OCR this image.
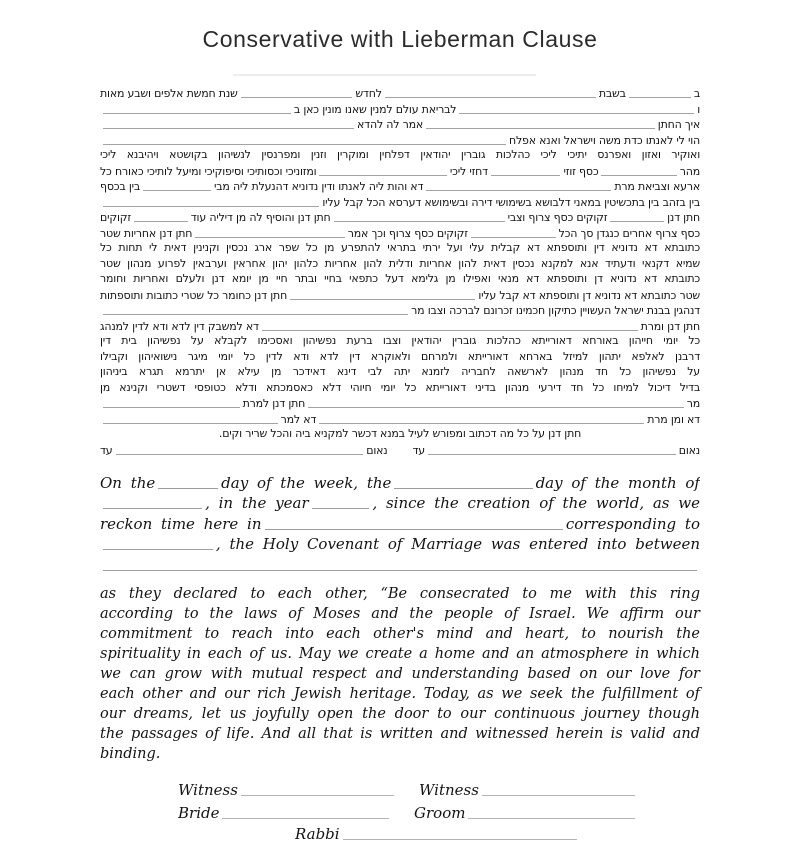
Conservative with Lieberman Clause
ב
בשבת
לחדש
שנת חמשת אלפים ושבע מאות
ו
לבריאת עולם למנין שאנו מונין כאן ב
איך החתן
אמר לה להדא
הוי לי לאנתו כדת משה וישראל ואנא אפלח
ואוקיר ואזון ואפרנס יתיכי ליכי כהלכות גוברין יהודאין דפלחין ומוקרין וזנין ומפרנסין לנשיהון בקושטא ויהיבנא ליכי
מהר
כסף זוזי
דחזי ליכי
ומזוניכי וכסותיכי וסיפוקיכי ומיעל לותיכי כאורח כל
ארעא וצביאת מרת
דא והות ליה לאנתו ודין נדוניא דהנעלת ליה מבי
בין בכסף
בין בזהב בין בתכשיטין במאני דלבושא בשימושי דירה ובשימושא דערסא הכל קבל עליו
חתן דנן
זקוקים כסף צרוף וצבי
חתן דנן והוסיף לה מן דיליה עוד
זקוקים
כסף צרוף אחרים כנגדן סך הכל
זקוקים כסף צרוף וכך אמר
חתן דנן אחריות שטר
כתובתא דא נדוניא דין ותוספתא דא קבלית עלי ועל ירתי בתראי להתפרע מן כל שפר ארג נכסין וקנינין דאית לי תחות כל
שמיא דקנאי ודעתיד אנא למקנא נכסין דאית להון אחריות ודלית להון אחריות כלהון יהון אחראין וערבאין לפרוע מנהון שטר
כתובתא דא נדוניא דן ותוספתא דא מנאי ואפילו מן גלימא דעל כתפאי בחיי ובתר חיי מן יומא דנן ולעלם ואחריות וחומר
שטר כתובתא דא נדוניא דן ותוספתא דא קבל עליו
חתן דנן כחומר כל שטרי כתובות ותוספתות
דנהגין בבנת ישראל העשויין כתיקון חכמינו זכרונם לברכה וצבו מר
חתן דנן ומרת
דא למשבק דין לדא ודא לדין למנהג
כל יומי חייהון באורחא דאורייתא כהלכות גוברין יהודאין וצבו ברעת נפשיהון ואסכימו לקבלא על נפשיהון בית דין
דרבנן לאלפא יתהון למיזל בארחא דאורייתא ולמרחם ולאוקרא דין לדא ודא לדין כל יומי מיגר נישואיהון וקבילו
על נפשיהון כל חד מנהון לארשאה לחבריה לזמנא יתה לבי דינא דאידכר מן עילא אן יתרמא תגרא ביניהון
בדיל דיכול למיחו כל חד דירעי מנהון בדיני דאורייתא כל יומי חיוהי דלא כאסמכתא ודלא כטופסי דשטרי וקנינא מן
מר
חתן דנן למרת
דא ומן מרת
דא למר
חתן דנן על כל מה דכתוב ומפורש לעיל במנא דכשר למקניא ביה והכל שריר וקים.
נאום
עד
נאום
עד
On the	day of the week, the	day of the month of
, in the year	, since the creation of the world, as we
reckon time here in	corresponding to
, the Holy Covenant of Marriage was entered into between
as they declared to each other, “Be consecrated to me with this ring according to the laws of Moses and the people of Israel. We affirm our commitment to reach into each other's mind and heart, to nourish the spirituality in each of us. May we create a home and an atmosphere in which we can grow with mutual respect and understanding based on our love for each other and our rich Jewish heritage. Today, as we seek the fulfillment of our dreams, let us joyfully open the door to our continuous journey though the passages of life. And all that is written and witnessed herein is valid and binding.
Witness	Witness
Bride	Groom
Rabbi
